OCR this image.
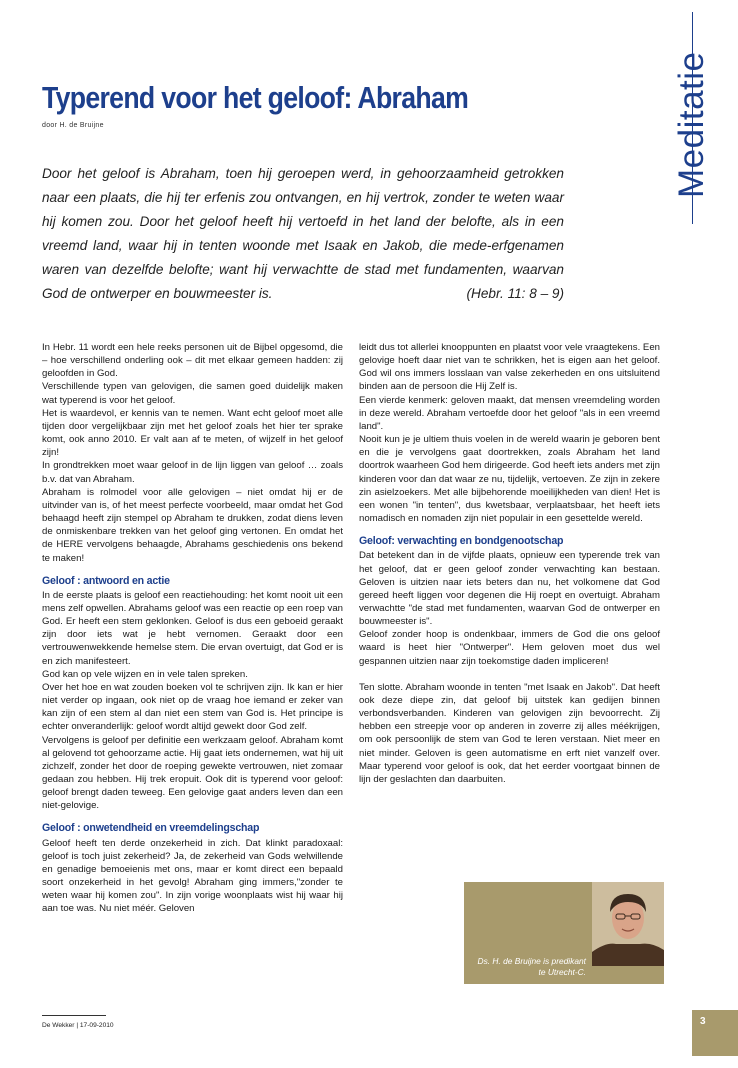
Meditatie
Typerend voor het geloof: Abraham
door H. de Bruijne
Door het geloof is Abraham, toen hij geroepen werd, in gehoorzaamheid getrokken naar een plaats, die hij ter erfenis zou ontvangen, en hij vertrok, zonder te weten waar hij komen zou. Door het geloof heeft hij vertoefd in het land der belofte, als in een vreemd land, waar hij in tenten woonde met Isaak en Jakob, die mede-erfgenamen waren van dezelfde belofte; want hij verwachtte de stad met fundamenten, waarvan God de ontwerper en bouwmeester is.	(Hebr. 11: 8 – 9)

In Hebr. 11 wordt een hele reeks personen uit de Bijbel opgesomd, die – hoe verschillend onderling ook – dit met elkaar gemeen hadden: zij geloofden in God.

Verschillende typen van gelovigen, die samen goed duidelijk maken wat typerend is voor het geloof.

Het is waardevol, er kennis van te nemen. Want echt geloof moet alle tijden door vergelijkbaar zijn met het geloof zoals het hier ter sprake komt, ook anno 2010. Er valt aan af te meten, of wijzelf in het geloof zijn!

In grondtrekken moet waar geloof in de lijn liggen van geloof … zoals b.v. dat van Abraham.

Abraham is rolmodel voor alle gelovigen – niet omdat hij er de uitvinder van is, of het meest perfecte voorbeeld, maar omdat het God behaagd heeft zijn stempel op Abraham te drukken, zodat diens leven de onmiskenbare trekken van het geloof ging vertonen. En omdat het de HERE vervolgens behaagde, Abrahams geschiedenis ons bekend te maken!

Geloof : antwoord en actie

In de eerste plaats is geloof een reactiehouding: het komt nooit uit een mens zelf opwellen. Abrahams geloof was een reactie op een roep van God. Er heeft een stem geklonken. Geloof is dus een geboeid geraakt zijn door iets wat je hebt vernomen. Geraakt door een vertrouwenwekkende hemelse stem. Die ervan overtuigt, dat God er is en zich manifesteert.

God kan op vele wijzen en in vele talen spreken.

Over het hoe en wat zouden boeken vol te schrijven zijn. Ik kan er hier niet verder op ingaan, ook niet op de vraag hoe iemand er zeker van kan zijn of een stem al dan niet een stem van God is. Het principe is echter onveranderlijk: geloof wordt altijd gewekt door God zelf.

Vervolgens is geloof per definitie een werkzaam geloof. Abraham komt al gelovend tot gehoorzame actie. Hij gaat iets ondernemen, wat hij uit zichzelf, zonder het door de roeping gewekte vertrouwen, niet zomaar gedaan zou hebben. Hij trek eropuit. Ook dit is typerend voor geloof: geloof brengt daden teweeg. Een gelovige gaat anders leven dan een niet-gelovige.

Geloof : onwetendheid en vreemdelingschap

Geloof heeft ten derde onzekerheid in zich. Dat klinkt paradoxaal: geloof is toch juist zekerheid? Ja, de zekerheid van Gods welwillende en genadige bemoeienis met ons, maar er komt direct een bepaald soort onzekerheid in het gevolg! Abraham ging immers,"zonder te weten waar hij komen zou". In zijn vorige woonplaats wist hij waar hij aan toe was. Nu niet méér. Geloven

leidt dus tot allerlei knooppunten en plaatst voor vele vraagtekens. Een gelovige hoeft daar niet van te schrikken, het is eigen aan het geloof. God wil ons immers losslaan van valse zekerheden en ons uitsluitend binden aan de persoon die Hij Zelf is.

Een vierde kenmerk: geloven maakt, dat mensen vreemdeling worden in deze wereld. Abraham vertoefde door het geloof "als in een vreemd land".

Nooit kun je je ultiem thuis voelen in de wereld waarin je geboren bent en die je vervolgens gaat doortrekken, zoals Abraham het land doortrok waarheen God hem dirigeerde. God heeft iets anders met zijn kinderen voor dan dat waar ze nu, tijdelijk, vertoeven. Ze zijn in zekere zin asielzoekers. Met alle bijbehorende moeilijkheden van dien! Het is een wonen "in tenten", dus kwetsbaar, verplaatsbaar, het heeft iets nomadisch en nomaden zijn niet populair in een gesettelde wereld.

Geloof: verwachting en bondgenootschap

Dat betekent dan in de vijfde plaats, opnieuw een typerende trek van het geloof, dat er geen geloof zonder verwachting kan bestaan. Geloven is uitzien naar iets beters dan nu, het volkomene dat God gereed heeft liggen voor degenen die Hij roept en overtuigt. Abraham verwachtte "de stad met fundamenten, waarvan God de ontwerper en bouwmeester is".

Geloof zonder hoop is ondenkbaar, immers de God die ons geloof waard is heet hier "Ontwerper". Hem geloven moet dus wel gespannen uitzien naar zijn toekomstige daden impliceren!

Ten slotte. Abraham woonde in tenten "met Isaak en Jakob". Dat heeft ook deze diepe zin, dat geloof bij uitstek kan gedijen binnen verbondsverbanden. Kinderen van gelovigen zijn bevoorrecht. Zij hebben een streepje voor op anderen in zoverre zij alles méékrijgen, om ook persoonlijk de stem van God te leren verstaan. Niet meer en niet minder. Geloven is geen automatisme en erft niet vanzelf over. Maar typerend voor geloof is ook, dat het eerder voortgaat binnen de lijn der geslachten dan daarbuiten.

Ds. H. de Bruijne is predikant
te Utrecht-C.
De Wekker | 17-09-2010	3
